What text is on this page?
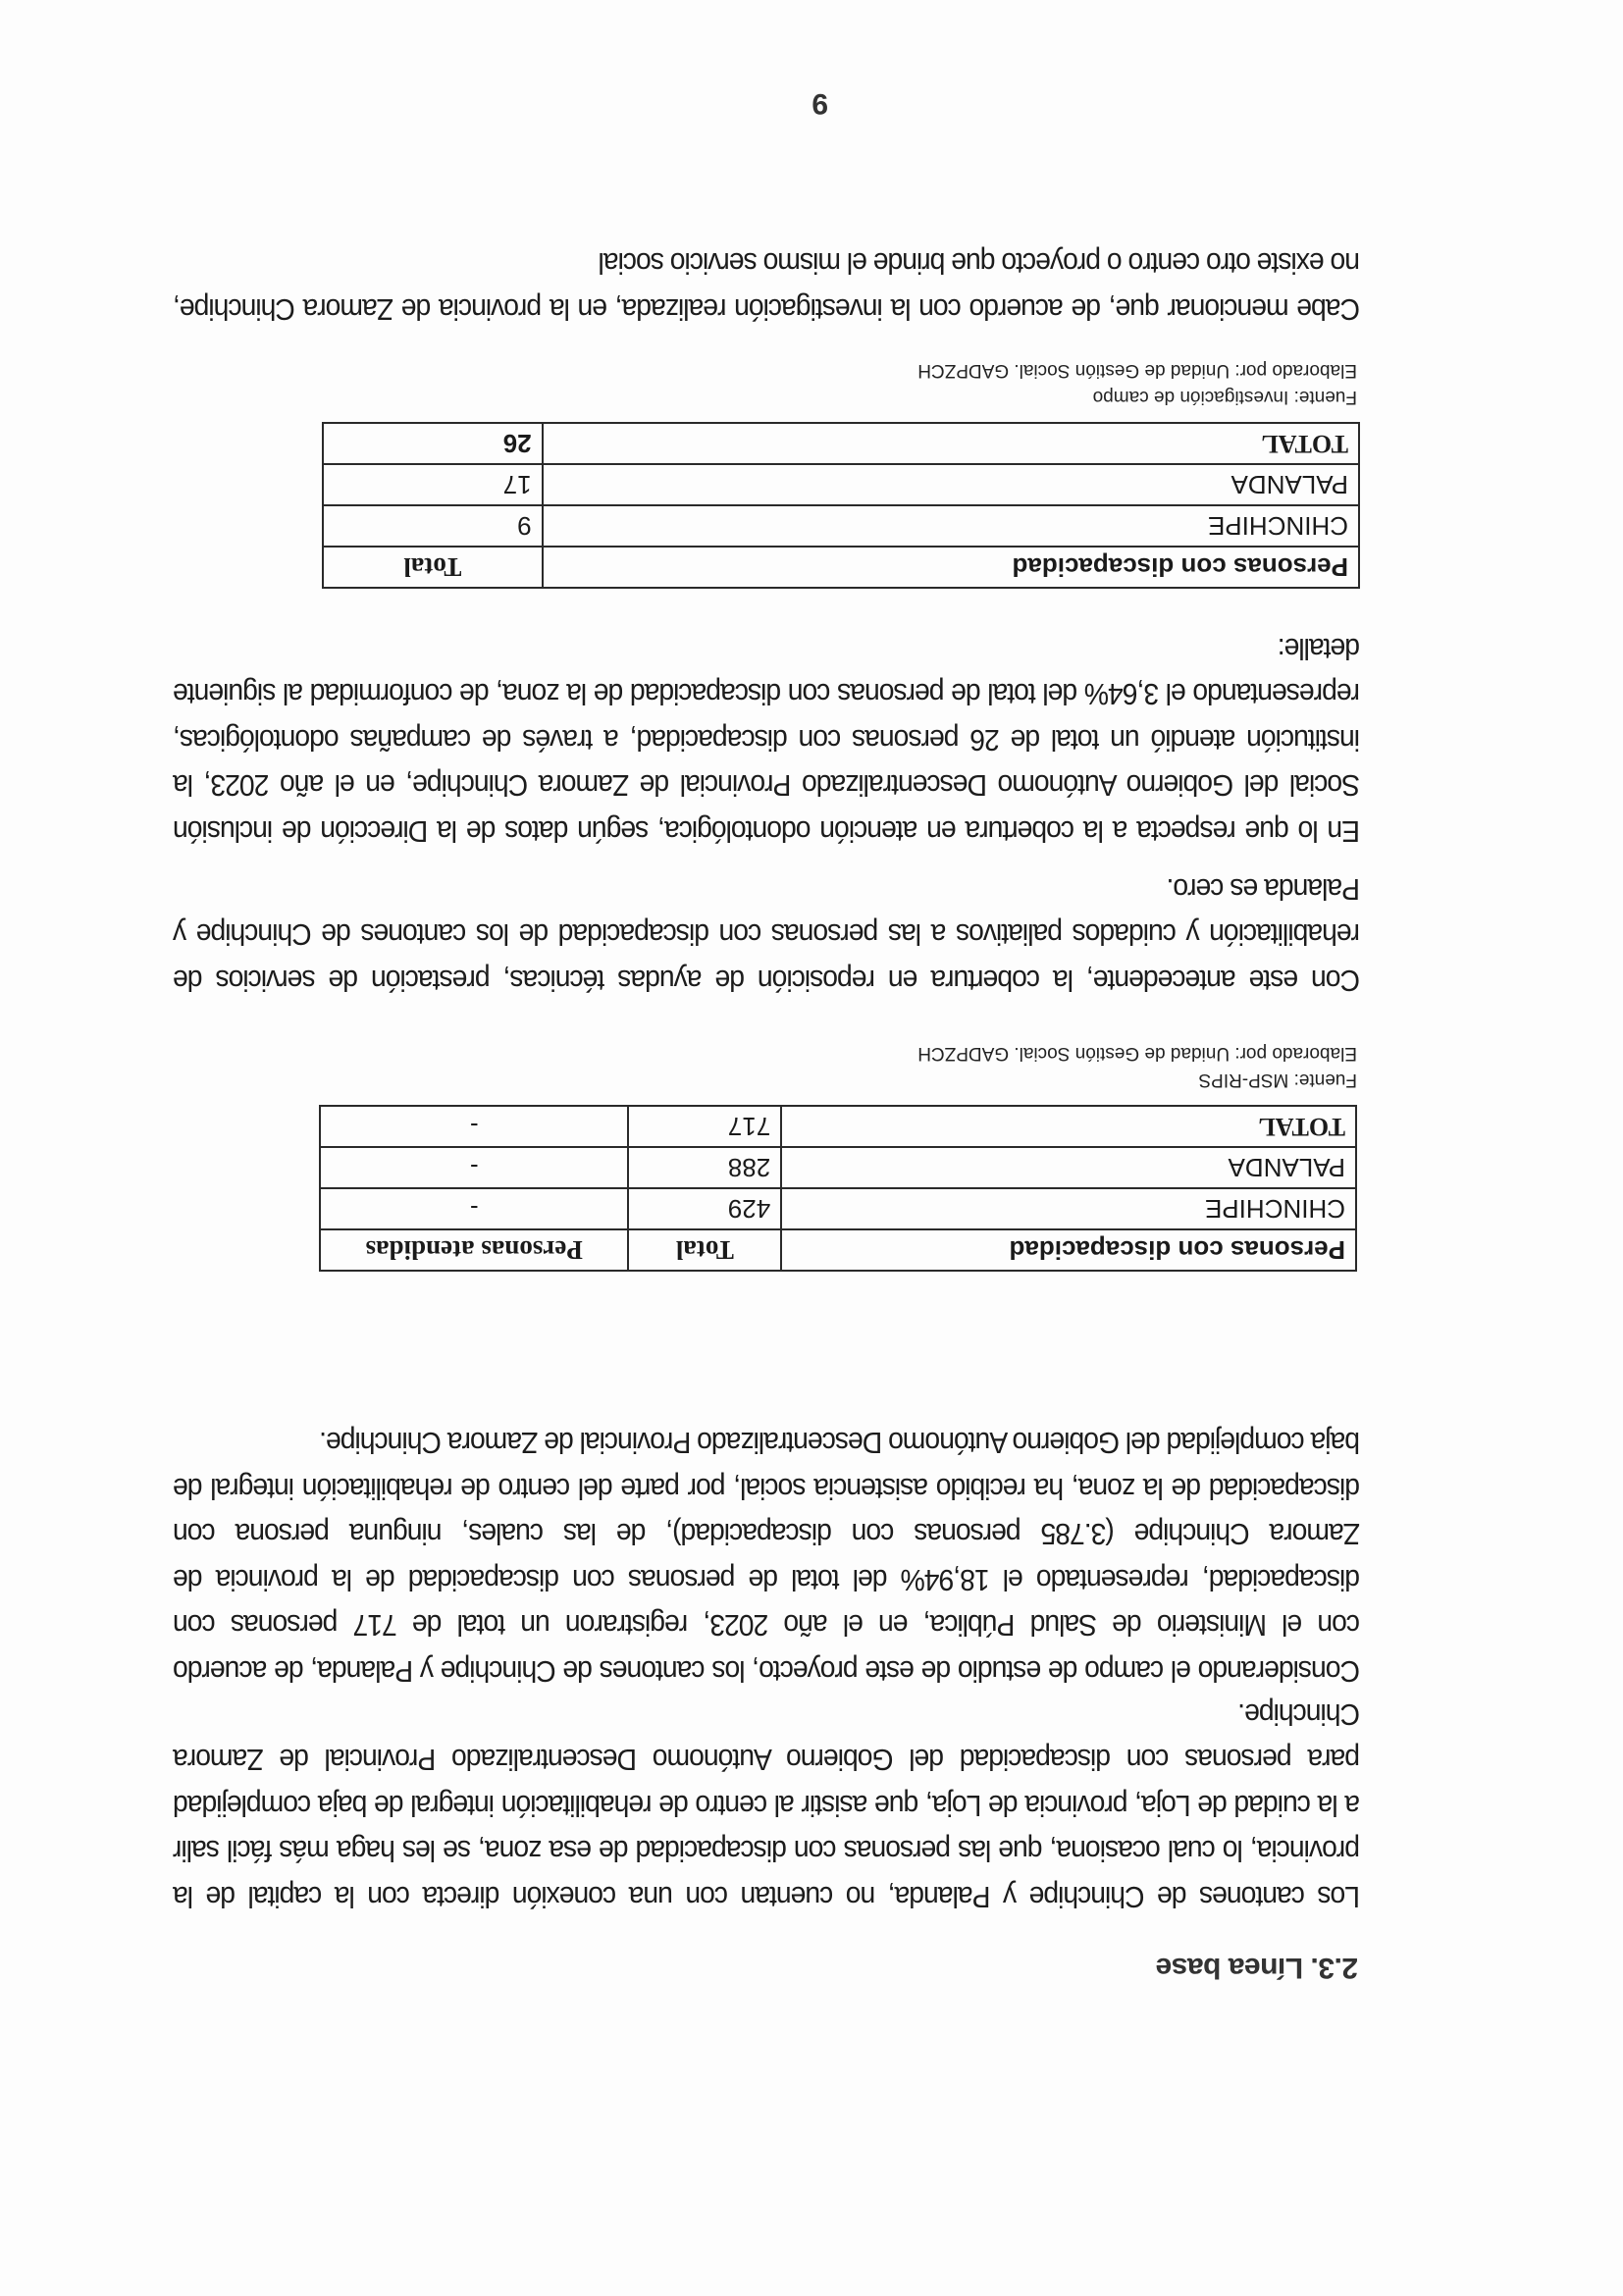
2.3. Línea base

Los cantones de Chinchipe y Palanda, no cuentan con una conexión directa con la capital de la provincia, lo cual ocasiona, que las personas con discapacidad de esa zona, se les haga más fácil salir a la cuidad de Loja, provincia de Loja, que asistir al centro de rehabilitación integral de baja complejidad para personas con discapacidad del Gobierno Autónomo Descentralizado Provincial de Zamora Chinchipe.

Considerando el campo de estudio de este proyecto, los cantones de Chinchipe y Palanda, de acuerdo con el Ministerio de Salud Pública, en el año 2023, registraron un total de 717 personas con discapacidad, representado el 18,94% del total de personas con discapacidad de la provincia de Zamora Chinchipe (3.785 personas con discapacidad), de las cuales, ninguna persona con discapacidad de la zona, ha recibido asistencia social, por parte del centro de rehabilitación integral de baja complejidad del Gobierno Autónomo Descentralizado Provincial de Zamora Chinchipe.

Personas con discapacidad	Total	Personas atendidas
CHINCHIPE	429	-
PALANDA	288	-
TOTAL	717	-
Fuente: MSP-RIPS
Elaborado por: Unidad de Gestión Social. GADPZCH

Con este antecedente, la cobertura en reposición de ayudas técnicas, prestación de servicios de rehabilitación y cuidados paliativos a las personas con discapacidad de los cantones de Chinchipe y Palanda es cero.

En lo que respecta a la cobertura en atención odontológica, según datos de la Dirección de inclusión Social del Gobierno Autónomo Descentralizado Provincial de Zamora Chinchipe, en el año 2023, la institución atendió un total de 26 personas con discapacidad, a través de campañas odontológicas, representando el 3,64% del total de personas con discapacidad de la zona, de conformidad al siguiente detalle:

Personas con discapacidad	Total
CHINCHIPE	9
PALANDA	17
TOTAL	26
Fuente: Investigación de campo
Elaborado por: Unidad de Gestión Social. GADPZCH

Cabe mencionar que, de acuerdo con la investigación realizada, en la provincia de Zamora Chinchipe, no existe otro centro o proyecto que brinde el mismo servicio social

9
